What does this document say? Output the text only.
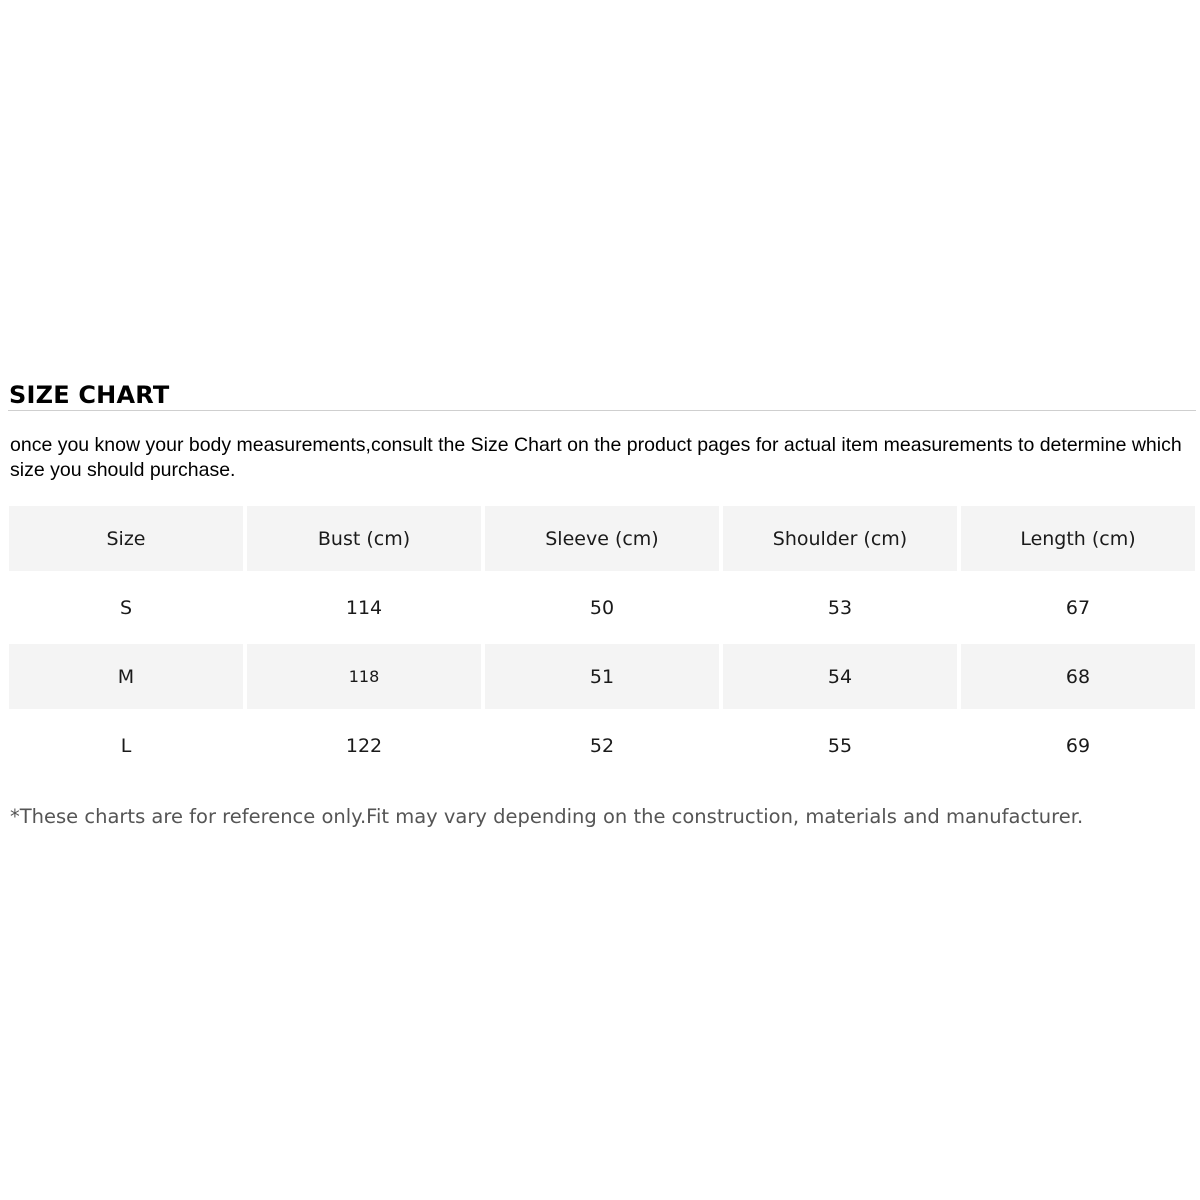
SIZE CHART
once you know your body measurements,consult the Size Chart on the product pages for actual item measurements to determine which size you should purchase.
Size	Bust (cm)	Sleeve (cm)	Shoulder (cm)	Length (cm)
S	114	50	53	67
M	118	51	54	68
L	122	52	55	69
*These charts are for reference only.Fit may vary depending on the construction, materials and manufacturer.
